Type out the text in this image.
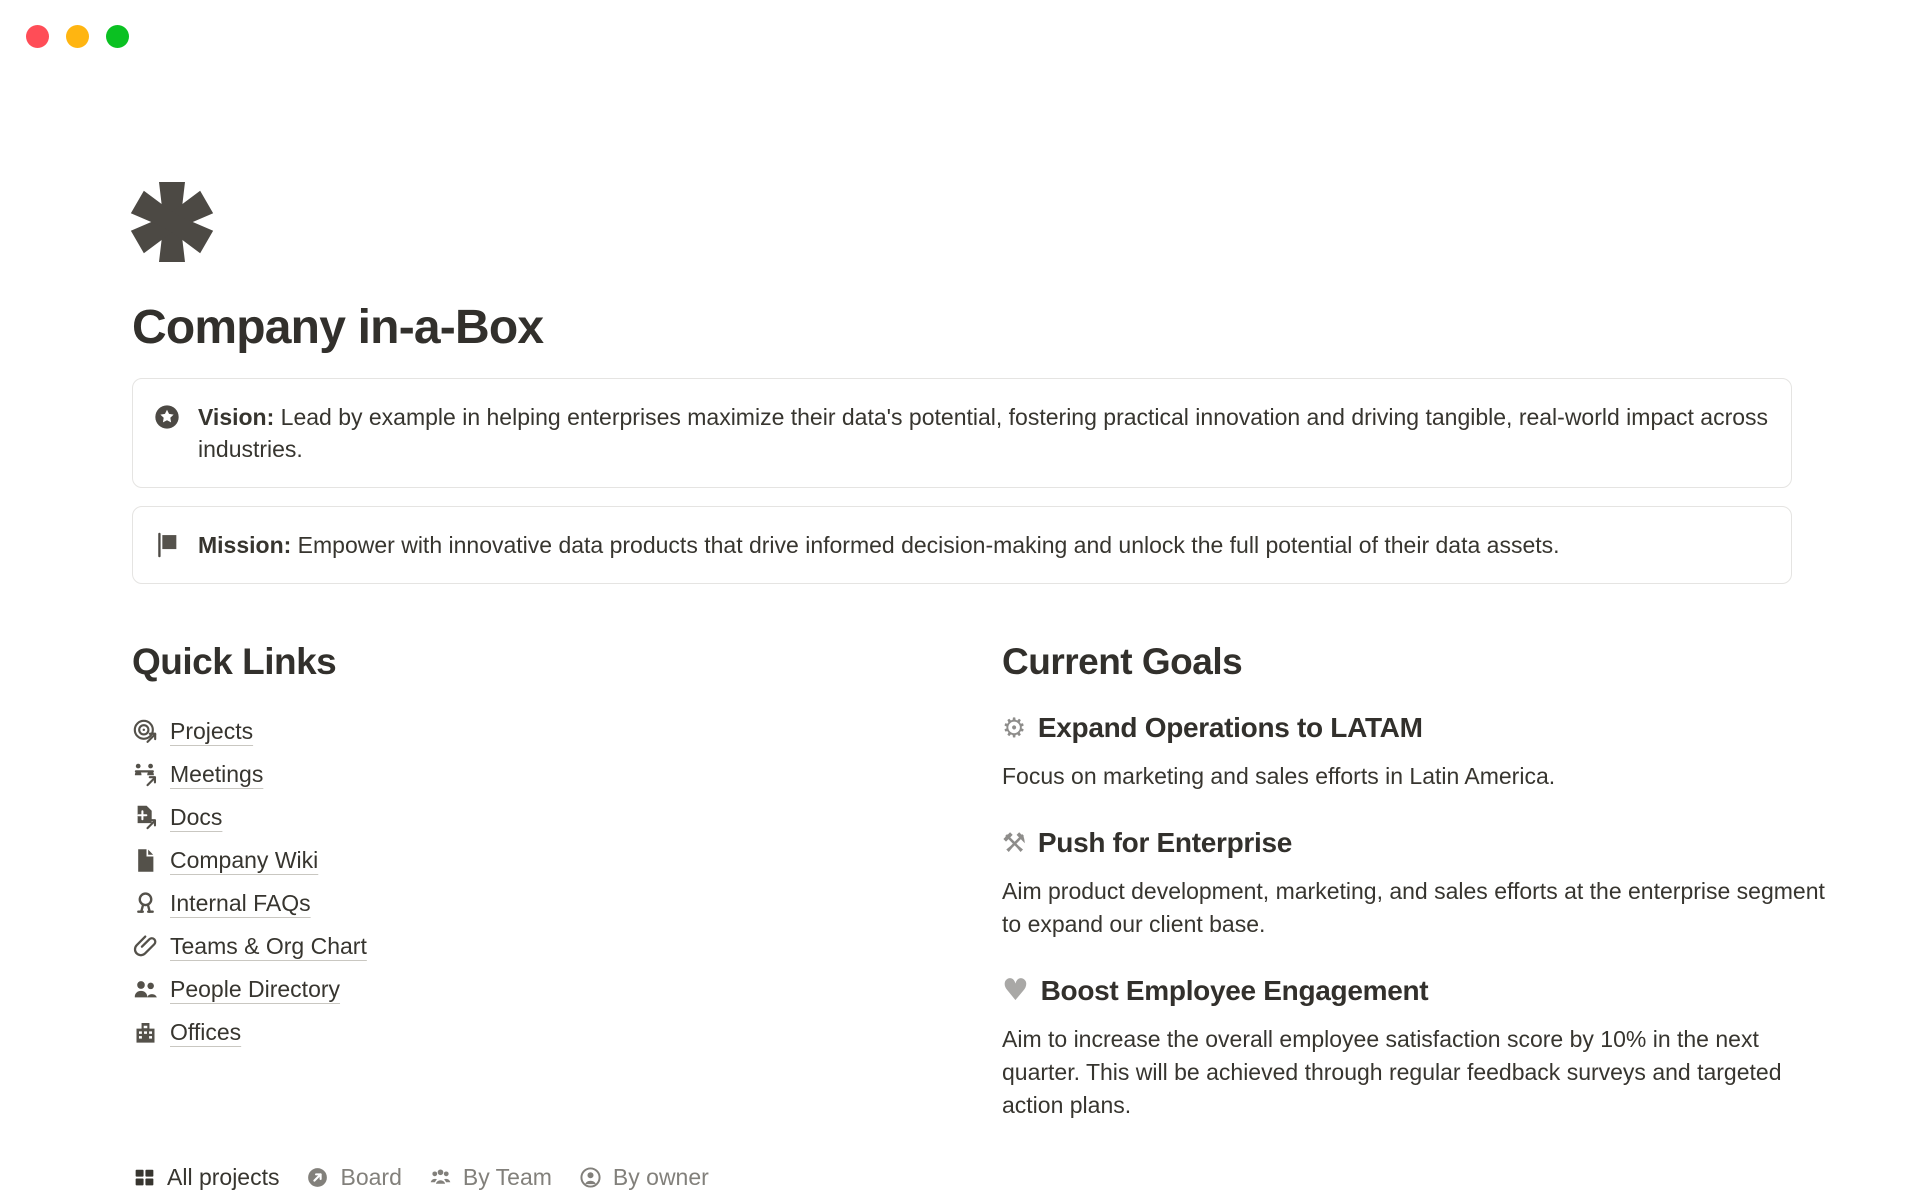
Company in-a-Box

Vision: Lead by example in helping enterprises maximize their data's potential, fostering practical innovation and driving tangible, real-world impact across industries.

Mission: Empower with innovative data products that drive informed decision-making and unlock the full potential of their data assets.

Quick Links
Projects
Meetings
Docs
Company Wiki
Internal FAQs
Teams & Org Chart
People Directory
Offices
Current Goals
⚙ Expand Operations to LATAM

Focus on marketing and sales efforts in Latin America.

⚒ Push for Enterprise

Aim product development, marketing, and sales efforts at the enterprise segment to expand our client base.

♥ Boost Employee Engagement

Aim to increase the overall employee satisfaction score by 10% in the next quarter. This will be achieved through regular feedback surveys and targeted action plans.

All projects	Board	By Team	By owner
